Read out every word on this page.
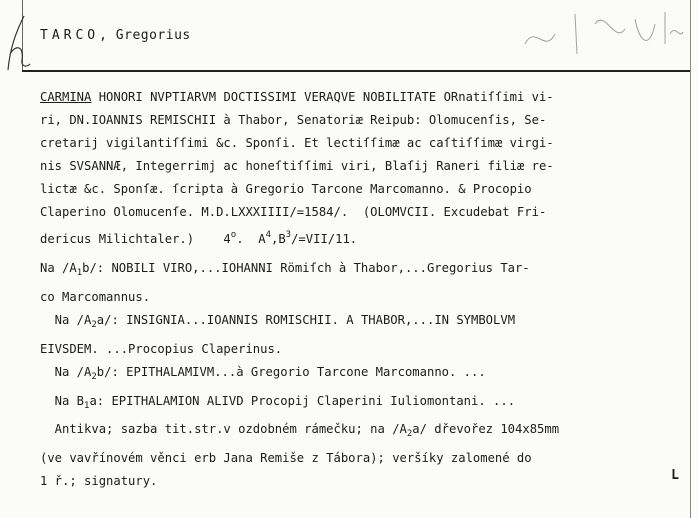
TARCO, Gregorius
CARMINA HONORI NVPTIARVM DOCTISSIMI VERAQVE NOBILITATE ORnatiſſimi vi-
ri, DN.IOANNIS REMISCHII à Thabor, Senatoriæ Reipub: Olomucenſis, Se-
cretarij vigilantiſſimi &c. Sponſi. Et lectiſſimæ ac caſtiſſimæ virgi-
nis SVSANNÆ, Integerrimj ac honeſtiſſimi viri, Blaſij Raneri filiæ re-
lictæ &c. Sponſæ. ſcripta à Gregorio Tarcone Marcomanno. & Procopio
Claperino Olomucenſe. M.D.LXXXIIII/=1584/.  (OLOMVCII. Excudebat Fri-
dericus Milichtaler.)    4$^o$.  $A^4,B^3/=VII/11$.
Na $/A_1b/$: NOBILI VIRO,...IOHANNI Römiſch à Thabor,...Gregorius Tar-
co Marcomannus.
Na $/A_2a/$: INSIGNIA...IOANNIS ROMISCHII. A THABOR,...IN SYMBOLVM
EIVSDEM. ...Procopius Claperinus.
Na $/A_2b/$: EPITHALAMIVM...à Gregorio Tarcone Marcomanno. ...
Na $B_1a$: EPITHALAMION ALIVD Procopij Claperini Iuliomontani. ...
Antikva; sazba tit.str.v ozdobném rámečku; na $/A_2a/$ dřevořez 104x85mm
(ve vavřínovém věnci erb Jana Remiše z Tábora); veršíky zalomené do
1 ř.; signatury.	L
